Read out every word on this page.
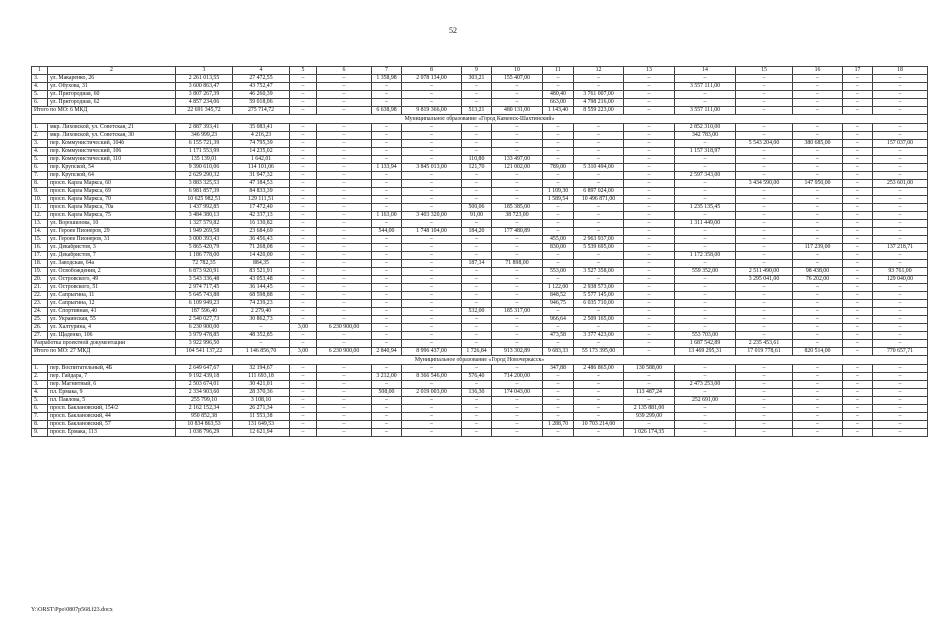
52
1	2	3	4	5	6	7	8	9	10	11	12	13	14	15	16	17	18
3.	ул. Макаренко, 26	2 261 013,55	27 472,55	–	–	1 358,98	2 078 134,00	303,21	155 407,00	–	–	–	–	–	–	–	–
4.	ул. Обухова, 31	3 600 863,47	43 752,47	–	–	–	–	–	–	–	–	–	3 557 111,00	–	–	–	–
5.	ул. Пригородная, 60	3 807 267,39	46 260,39	–	–	–	–	–	–	480,40	3 761 007,00	–	–	–	–	–	–
6.	ул. Пригородная, 62	4 857 234,06	59 018,06	–	–	–	–	–	–	663,00	4 798 216,00	–	–	–	–	–	–
Итого по МО: 6 МКД		22 691 345,72	275 714,72	–	–	6 638,98	9 819 366,00	513,21	480 131,00	1 143,40	8 559 223,00	–	3 557 111,00	–	–	–	–
Муниципальное образование «Город Каменск-Шахтинский»																	
1.	мкр. Лиховской, ул. Советская, 21	2 887 393,41	35 083,41	–	–	–	–	–	–	–	–	–	2 852 310,00	–	–	–	–
2.	мкр. Лиховской, ул. Советская, 30	346 999,23	4 216,23	–	–	–	–	–	–	–	–	–	342 783,00	–	–	–	–
3.	пер. Коммунистический, 104б	6 155 721,39	74 795,39	–	–	–	–	–	–	–	–	–	–	5 543 204,00	380 685,00	–	157 037,00
4.	пер. Коммунистический, 106	1 171 553,99	14 235,02	–	–	–	–	–	–	–	–	–	1 157 318,97	–	–	–	–
5.	пер. Коммунистический, 110	135 139,01	1 642,01	–	–	–	–	110,80	133 497,00	–	–	–	–	–	–	–	–
6.	пер. Крупской, 54	9 390 610,06	114 101,06	–	–	1 133,94	3 845 013,00	121,70	121 002,00	789,00	5 310 494,00	–	–	–	–	–	–
7.	пер. Крупской, 64	2 629 290,32	31 947,32	–	–	–	–	–	–	–	–	–	2 597 343,00	–	–	–	–
8.	просп. Карла Маркса, 60	3 883 325,53	47 184,53	–	–	–	–	–	–	–	–	–	–	3 434 590,00	147 950,00	–	253 601,00
9.	просп. Карла Маркса, 69	6 981 857,39	84 833,39	–	–	–	–	–	–	1 109,30	6 897 024,00	–	–	–	–	–	–
10.	просп. Карла Маркса, 70	10 625 982,51	129 111,51	–	–	–	–	–	–	1 589,54	10 496 871,00	–	–	–	–	–	–
11.	просп. Карла Маркса, 70а	1 437 992,85	17 472,40	–	–	–	–	500,06	185 385,00	–	–	–	1 235 135,45	–	–	–	–
12.	просп. Карла Маркса, 75	3 484 380,13	42 337,13	–	–	1 163,00	3 403 320,00	91,00	38 723,00	–	–	–	–	–	–	–	–
13.	ул. Ворошилова, 10	1 327 579,82	16 130,82	–	–	–	–	–	–	–	–	–	1 311 449,00	–	–	–	–
14.	ул. Героев Пионеров, 29	1 949 269,58	23 684,69	–	–	544,00	1 748 104,00	184,20	177 480,89	–	–	–	–	–	–	–	–
15.	ул. Героев Пионеров, 31	3 000 393,43	36 456,43	–	–	–	–	–	–	455,00	2 963 937,00	–	–	–	–	–	–
16.	ул. Декабристов, 3	5 865 420,79	71 268,08	–	–	–	–	–	–	830,00	5 539 695,00	–	–	–	117 239,00	–	137 218,71
17.	ул. Декабристов, 7	1 186 778,00	14 420,00	–	–	–	–	–	–	–	–	–	1 172 358,00	–	–	–	–
18.	ул. Заводская, 64а	72 782,35	884,35	–	–	–	–	187,14	71 898,00	–	–	–	–	–	–	–	–
19.	ул. Освобождения, 2	6 873 920,91	83 521,91	–	–	–	–	–	–	553,00	3 527 358,00	–	559 352,00	2 511 490,00	98 438,00	–	93 761,00
20.	ул. Островского, 49	3 543 336,48	43 053,48	–	–	–	–	–	–	–	–	–	–	3 295 041,00	76 202,00	–	129 040,00
21.	ул. Островского, 51	2 974 717,45	36 144,45	–	–	–	–	–	–	1 122,00	2 938 573,00	–	–	–	–	–	–
22.	ул. Сапрыгина, 11	5 645 743,88	68 598,88	–	–	–	–	–	–	848,52	5 577 145,00	–	–	–	–	–	–
23.	ул. Сапрыгина, 12	6 109 949,23	74 239,23	–	–	–	–	–	–	946,75	6 035 710,00	–	–	–	–	–	–
24.	ул. Спортивная, 41	187 596,40	2 279,40	–	–	–	–	532,00	185 317,00	–	–	–	–	–	–	–	–
25.	ул. Украинская, 55	2 540 027,73	30 862,73	–	–	–	–	–	–	966,64	2 509 165,00	–	–	–	–	–	–
26.	ул. Халтурина, 4	6 230 900,00	–	3,00	6 230 900,00	–	–	–	–	–	–	–	–	–	–	–	–
27.	ул. Щаденко, 106	3 979 478,85	48 352,85	–	–	–	–	–	–	473,58	3 377 423,00	–	553 703,00	–	–	–	–
Разработка проектной документации		3 922 996,50	–	–	–	–	–	–	–	–	–	–	1 687 542,89	2 235 453,61	–	–	–
Итого по МО: 27 МКД		104 541 137,22	1 146 856,70	3,00	6 230 900,00	2 840,94	8 996 437,00	1 726,84	913 302,89	9 683,33	55 173 395,00	–	13 469 295,31	17 019 778,61	820 514,00	–	770 657,71
Муниципальное образование «Город Новочеркасск»																	
1.	пер. Воспитательный, 4Б	2 649 647,67	32 194,67	–	–	–	–	–	–	347,88	2 486 865,00	130 588,00	–	–	–	–	–
2.	пер. Гайдара, 7	9 192 439,18	111 693,18	–	–	3 212,00	8 366 546,00	576,40	714 200,00	–	–	–	–	–	–	–	–
3.	пер. Магнитный, 6	2 503 674,01	30 421,01	–	–	–	–	–	–	–	–	–	2 473 253,00	–	–	–	–
4.	пл. Ермака, 9	2 334 903,60	28 370,36	–	–	508,00	2 019 003,00	136,30	174 043,00	–	–	113 487,24	–	–	–	–	–
5.	пл. Павлова, 5	255 799,10	3 108,10	–	–	–	–	–	–	–	–	–	252 691,00	–	–	–	–
6.	просп. Баклановский, 154/2	2 162 152,34	26 271,34	–	–	–	–	–	–	–	–	2 135 881,00	–	–	–	–	–
7.	просп. Баклановский, 44	950 852,38	11 553,38	–	–	–	–	–	–	–	–	939 299,00	–	–	–	–	–
8.	просп. Баклановский, 57	10 834 863,53	131 649,53	–	–	–	–	–	–	1 288,70	10 703 214,00	–	–	–	–	–	–
9.	просп. Ермака, 113	1 038 796,29	12 621,94	–	–	–	–	–	–	–	–	1 026 174,35	–	–	–	–	–
Y:\ORST\Ppo\0807p568.f23.docx
